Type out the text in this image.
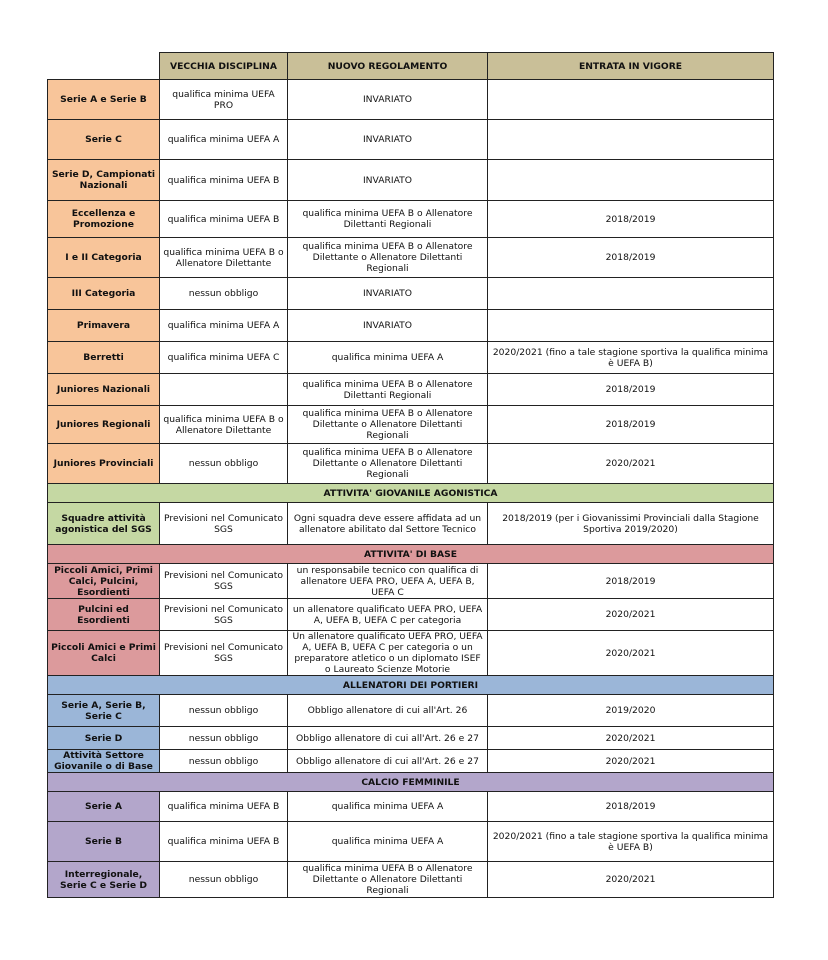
	VECCHIA DISCIPLINA	NUOVO REGOLAMENTO	ENTRATA IN VIGORE
Serie A e Serie B	qualifica minima UEFA PRO	INVARIATO	
Serie C	qualifica minima UEFA A	INVARIATO	
Serie D, Campionati Nazionali	qualifica minima UEFA B	INVARIATO	
Eccellenza e Promozione	qualifica minima UEFA B	qualifica minima UEFA B o Allenatore Dilettanti Regionali	2018/2019
I e II Categoria	qualifica minima UEFA B o Allenatore Dilettante	qualifica minima UEFA B o Allenatore Dilettante o Allenatore Dilettanti Regionali	2018/2019
III Categoria	nessun obbligo	INVARIATO	
Primavera	qualifica minima UEFA A	INVARIATO	
Berretti	qualifica minima UEFA C	qualifica minima UEFA A	2020/2021 (fino a tale stagione sportiva la qualifica minima è UEFA B)
Juniores Nazionali		qualifica minima UEFA B o Allenatore Dilettanti Regionali	2018/2019
Juniores Regionali	qualifica minima UEFA B o Allenatore Dilettante	qualifica minima UEFA B o Allenatore Dilettante o Allenatore Dilettanti Regionali	2018/2019
Juniores Provinciali	nessun obbligo	qualifica minima UEFA B o Allenatore Dilettante o Allenatore Dilettanti Regionali	2020/2021
ATTIVITA' GIOVANILE AGONISTICA			
Squadre attività agonistica del SGS	Previsioni nel Comunicato SGS	Ogni squadra deve essere affidata ad un allenatore abilitato dal Settore Tecnico	2018/2019 (per i Giovanissimi Provinciali dalla Stagione Sportiva 2019/2020)
ATTIVITA' DI BASE			
Piccoli Amici, Primi Calci, Pulcini, Esordienti	Previsioni nel Comunicato SGS	un responsabile tecnico con qualifica di allenatore UEFA PRO, UEFA A, UEFA B, UEFA C	2018/2019
Pulcini ed Esordienti	Previsioni nel Comunicato SGS	un allenatore qualificato UEFA PRO, UEFA A, UEFA B, UEFA C per categoria	2020/2021
Piccoli Amici e Primi Calci	Previsioni nel Comunicato SGS	Un allenatore qualificato UEFA PRO, UEFA A, UEFA B, UEFA C per categoria o un preparatore atletico o un diplomato ISEF o Laureato Scienze Motorie	2020/2021
ALLENATORI DEI PORTIERI			
Serie A, Serie B, Serie C	nessun obbligo	Obbligo allenatore di cui all'Art. 26	2019/2020
Serie D	nessun obbligo	Obbligo allenatore di cui all'Art. 26 e 27	2020/2021
Attività Settore Giovanile o di Base	nessun obbligo	Obbligo allenatore di cui all'Art. 26 e 27	2020/2021
CALCIO FEMMINILE			
Serie A	qualifica minima UEFA B	qualifica minima UEFA A	2018/2019
Serie B	qualifica minima UEFA B	qualifica minima UEFA A	2020/2021 (fino a tale stagione sportiva la qualifica minima è UEFA B)
Interregionale, Serie C e Serie D	nessun obbligo	qualifica minima UEFA B o Allenatore Dilettante o Allenatore Dilettanti Regionali	2020/2021
